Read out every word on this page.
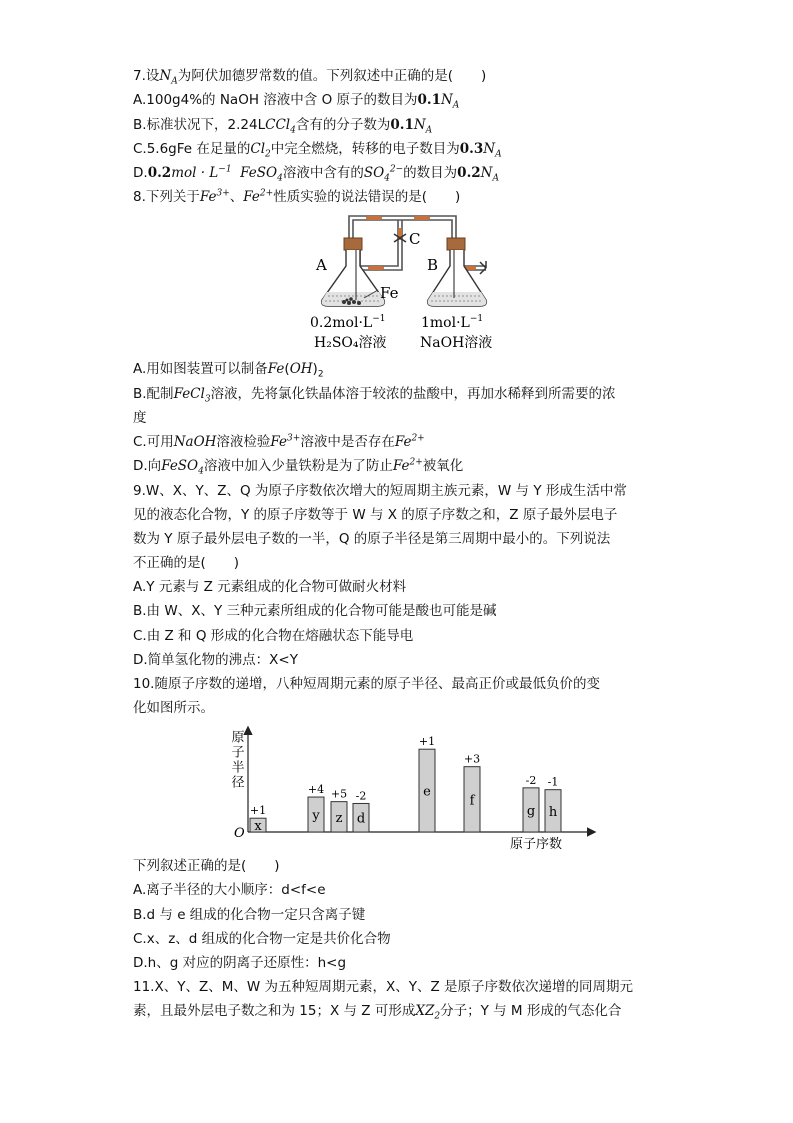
7.设$N_A$为阿伏加德罗常数的值。下列叙述中正确的是( )
A.100g4%的 NaOH 溶液中含 O 原子的数目为$0.1N_A$
B.标准状况下，2.24LCCl$_4$含有的分子数为$0.1N_A$
C.5.6gFe 在足量的$Cl_2$中完全燃烧，转移的电子数目为$0.3N_A$
$D.0.2mol \cdot L^{-1}$ FeSO$_4$溶液中含有的$SO_4^{2-}$的数目为$0.2N_A$
8.下列关于$Fe^{3+}$、$Fe^{2+}$性质实验的说法错误的是( )
C
A
Fe
B
$0.2mol\cdot L^{-1}$
H₂SO₄溶液
$1mol\cdot L^{-1}$
NaOH溶液
A.用如图装置可以制备$Fe(OH)_2$
B.配制FeCl$_3$溶液，先将氯化铁晶体溶于较浓的盐酸中，再加水稀释到所需要的浓
度
C.可用NaOH溶液检验$Fe^{3+}$溶液中是否存在$Fe^{2+}$
D.向FeSO$_4$溶液中加入少量铁粉是为了防止$Fe^{2+}$被氧化
9.W、X、Y、Z、Q 为原子序数依次增大的短周期主族元素，W 与 Y 形成生活中常
见的液态化合物，Y 的原子序数等于 W 与 X 的原子序数之和，Z 原子最外层电子
数为 Y 原子最外层电子数的一半，Q 的原子半径是第三周期中最小的。下列说法
不正确的是( )
A.Y 元素与 Z 元素组成的化合物可做耐火材料
B.由 W、X、Y 三种元素所组成的化合物可能是酸也可能是碱
C.由 Z 和 Q 形成的化合物在熔融状态下能导电
D.简单氢化物的沸点：X<Y
10.随原子序数的递增，八种短周期元素的原子半径、最高正价或最低负价的变
化如图所示。
原子半径
O
原子序数
x
+1	y
+4
z
+5
d
-2	e
+1
f
+3
g
-2
h
-1
下列叙述正确的是( )
A.离子半径的大小顺序：d<f<e
B.d 与 e 组成的化合物一定只含离子键
C.x、z、d 组成的化合物一定是共价化合物
D.h、g 对应的阴离子还原性：h<g
11.X、Y、Z、M、W 为五种短周期元素，X、Y、Z 是原子序数依次递增的同周期元
素，且最外层电子数之和为 15；X 与 Z 可形成$XZ_2$分子；Y 与 M 形成的气态化合
